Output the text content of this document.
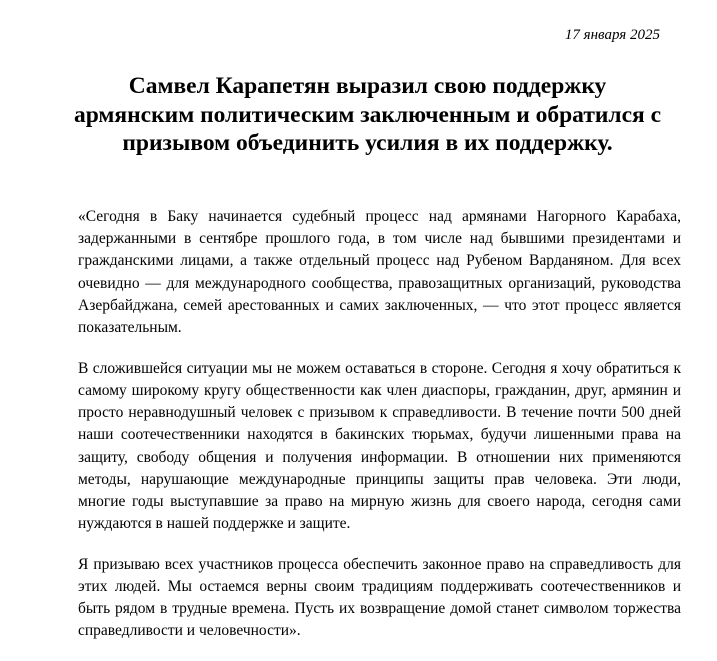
17 января 2025
Самвел Карапетян выразил свою поддержку армянским политическим заключенным и обратился с призывом объединить усилия в их поддержку.

«Сегодня в Баку начинается судебный процесс над армянами Нагорного Карабаха, задержанными в сентябре прошлого года, в том числе над бывшими президентами и гражданскими лицами, а также отдельный процесс над Рубеном Варданяном. Для всех очевидно — для международного сообщества, правозащитных организаций, руководства Азербайджана, семей арестованных и самих заключенных, — что этот процесс является показательным.

В сложившейся ситуации мы не можем оставаться в стороне. Сегодня я хочу обратиться к самому широкому кругу общественности как член диаспоры, гражданин, друг, армянин и просто неравнодушный человек с призывом к справедливости. В течение почти 500 дней наши соотечественники находятся в бакинских тюрьмах, будучи лишенными права на защиту, свободу общения и получения информации. В отношении них применяются методы, нарушающие международные принципы защиты прав человека. Эти люди, многие годы выступавшие за право на мирную жизнь для своего народа, сегодня сами нуждаются в нашей поддержке и защите.

Я призываю всех участников процесса обеспечить законное право на справедливость для этих людей. Мы остаемся верны своим традициям поддерживать соотечественников и быть рядом в трудные времена. Пусть их возвращение домой станет символом торжества справедливости и человечности».
